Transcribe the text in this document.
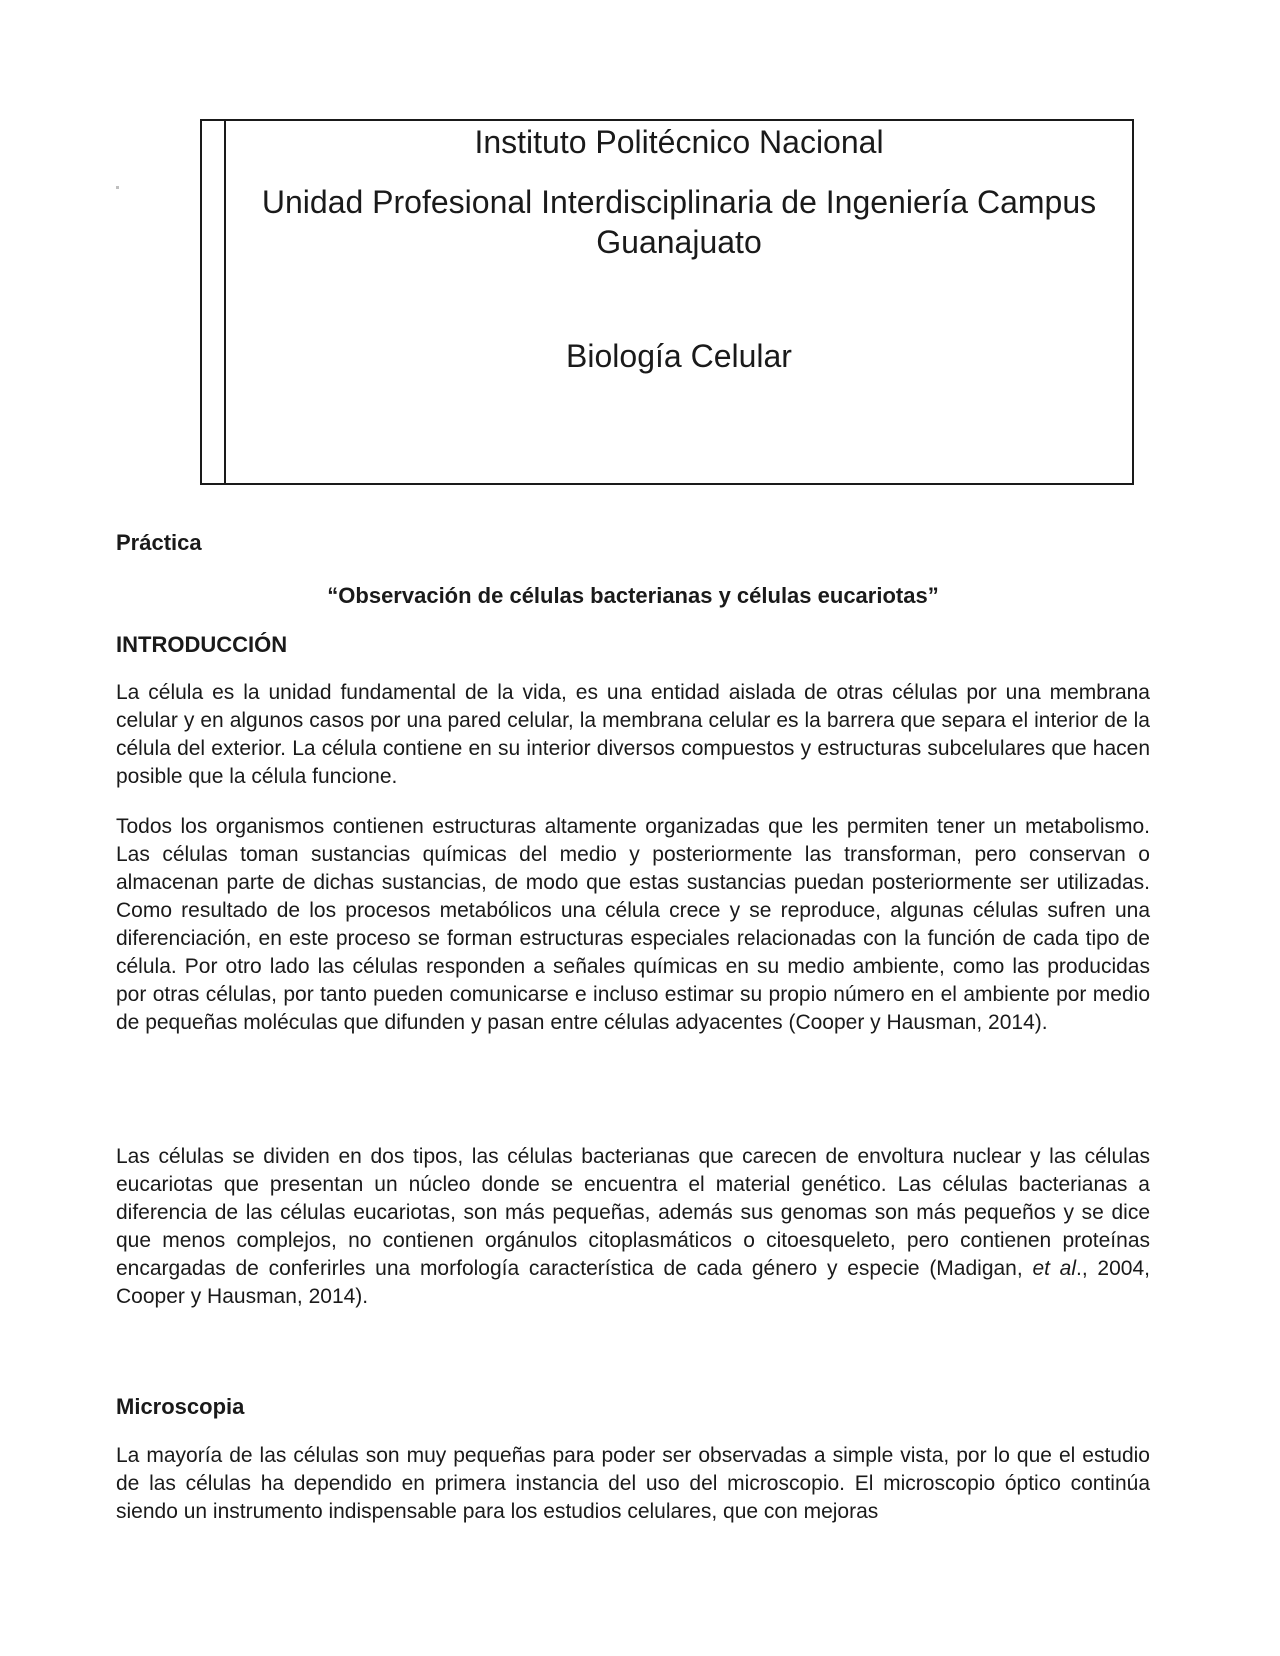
Instituto Politécnico Nacional
Unidad Profesional Interdisciplinaria de Ingeniería Campus Guanajuato
Biología Celular
Práctica
“Observación de células bacterianas y células eucariotas”
INTRODUCCIÓN

La célula es la unidad fundamental de la vida, es una entidad aislada de otras células por una membrana celular y en algunos casos por una pared celular, la membrana celular es la barrera que separa el interior de la célula del exterior. La célula contiene en su interior diversos compuestos y estructuras subcelulares que hacen posible que la célula funcione.

Todos los organismos contienen estructuras altamente organizadas que les permiten tener un metabolismo. Las células toman sustancias químicas del medio y posteriormente las transforman, pero conservan o almacenan parte de dichas sustancias, de modo que estas sustancias puedan posteriormente ser utilizadas. Como resultado de los procesos metabólicos una célula crece y se reproduce, algunas células sufren una diferenciación, en este proceso se forman estructuras especiales relacionadas con la función de cada tipo de célula. Por otro lado las células responden a señales químicas en su medio ambiente, como las producidas por otras células, por tanto pueden comunicarse e incluso estimar su propio número en el ambiente por medio de pequeñas moléculas que difunden y pasan entre células adyacentes (Cooper y Hausman, 2014).

Las células se dividen en dos tipos, las células bacterianas que carecen de envoltura nuclear y las células eucariotas que presentan un núcleo donde se encuentra el material genético. Las células bacterianas a diferencia de las células eucariotas, son más pequeñas, además sus genomas son más pequeños y se dice que menos complejos, no contienen orgánulos citoplasmáticos o citoesqueleto, pero contienen proteínas encargadas de conferirles una morfología característica de cada género y especie (Madigan, et al., 2004, Cooper y Hausman, 2014).

Microscopia

La mayoría de las células son muy pequeñas para poder ser observadas a simple vista, por lo que el estudio de las células ha dependido en primera instancia del uso del microscopio. El microscopio óptico continúa siendo un instrumento indispensable para los estudios celulares, que con mejoras
